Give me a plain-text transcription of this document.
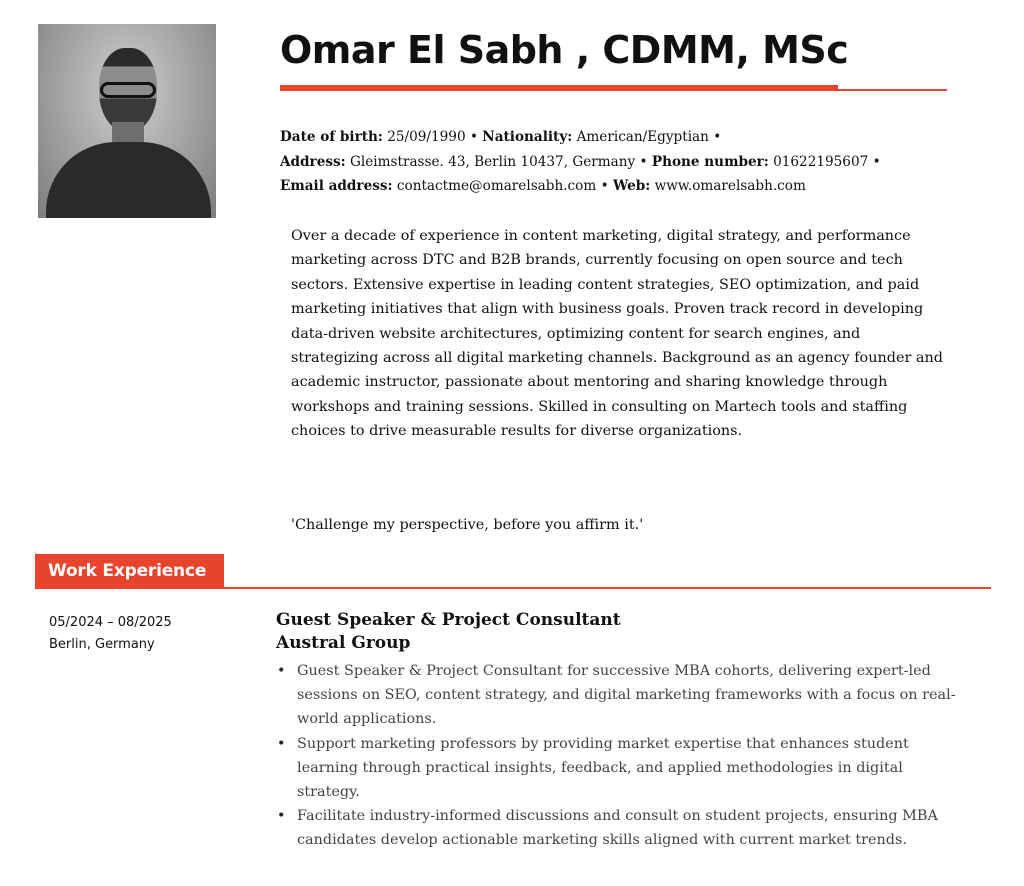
Omar El Sabh , CDMM, MSc
Date of birth: 25/09/1990 • Nationality: American/Egyptian •
Address: Gleimstrasse. 43, Berlin 10437, Germany • Phone number: 01622195607 •
Email address: contactme@omarelsabh.com • Web: www.omarelsabh.com

Over a decade of experience in content marketing, digital strategy, and performance marketing across DTC and B2B brands, currently focusing on open source and tech sectors. Extensive expertise in leading content strategies, SEO optimization, and paid marketing initiatives that align with business goals. Proven track record in developing data-driven website architectures, optimizing content for search engines, and strategizing across all digital marketing channels. Background as an agency founder and academic instructor, passionate about mentoring and sharing knowledge through workshops and training sessions. Skilled in consulting on Martech tools and staffing choices to drive measurable results for diverse organizations.

'Challenge my perspective, before you affirm it.'

Work Experience
05/2024 – 08/2025
Berlin, Germany
Guest Speaker & Project Consultant
Austral Group
• Guest Speaker & Project Consultant for successive MBA cohorts, delivering expert-led sessions on SEO, content strategy, and digital marketing frameworks with a focus on real-world applications.
• Support marketing professors by providing market expertise that enhances student learning through practical insights, feedback, and applied methodologies in digital strategy.
• Facilitate industry-informed discussions and consult on student projects, ensuring MBA candidates develop actionable marketing skills aligned with current market trends.
